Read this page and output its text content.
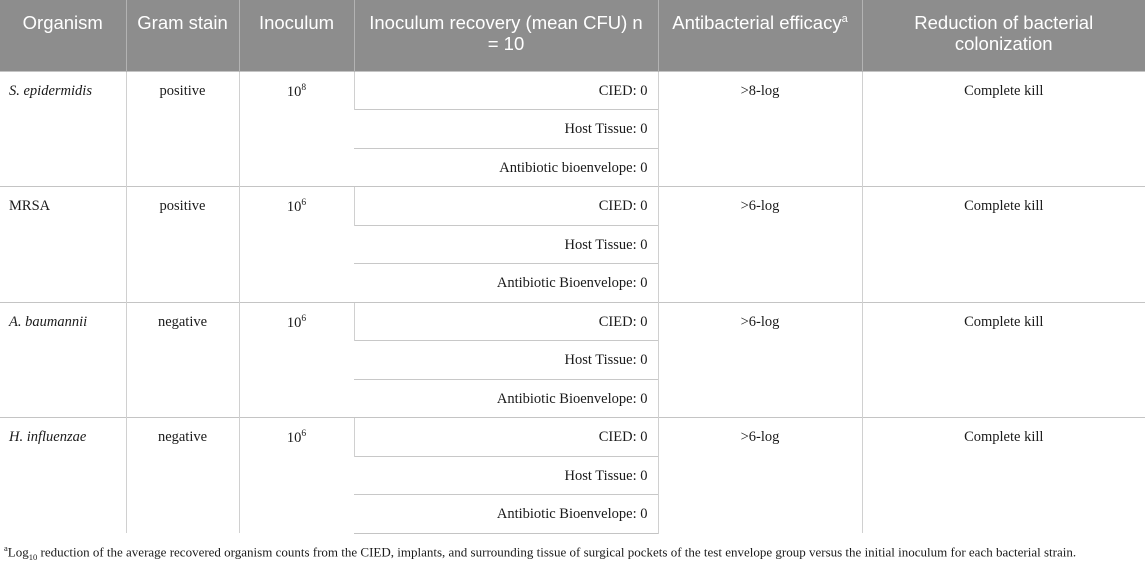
Organism	Gram stain	Inoculum	Inoculum recovery (mean CFU) n = 10	Antibacterial efficacy$^a$	Reduction of bacterial colonization
S. epidermidis	positive	$10^8$	CIED: 0	>8-log	Complete kill
			Host Tissue: 0		
			Antibiotic bioenvelope: 0		
MRSA	positive	$10^6$	CIED: 0	>6-log	Complete kill
			Host Tissue: 0		
			Antibiotic Bioenvelope: 0		
A. baumannii	negative	$10^6$	CIED: 0	>6-log	Complete kill
			Host Tissue: 0		
			Antibiotic Bioenvelope: 0		
H. influenzae	negative	$10^6$	CIED: 0	>6-log	Complete kill
			Host Tissue: 0		
			Antibiotic Bioenvelope: 0		
$^a$Log$_{10}$ reduction of the average recovered organism counts from the CIED, implants, and surrounding tissue of surgical pockets of the test envelope group versus the initial inoculum for each bacterial strain.
